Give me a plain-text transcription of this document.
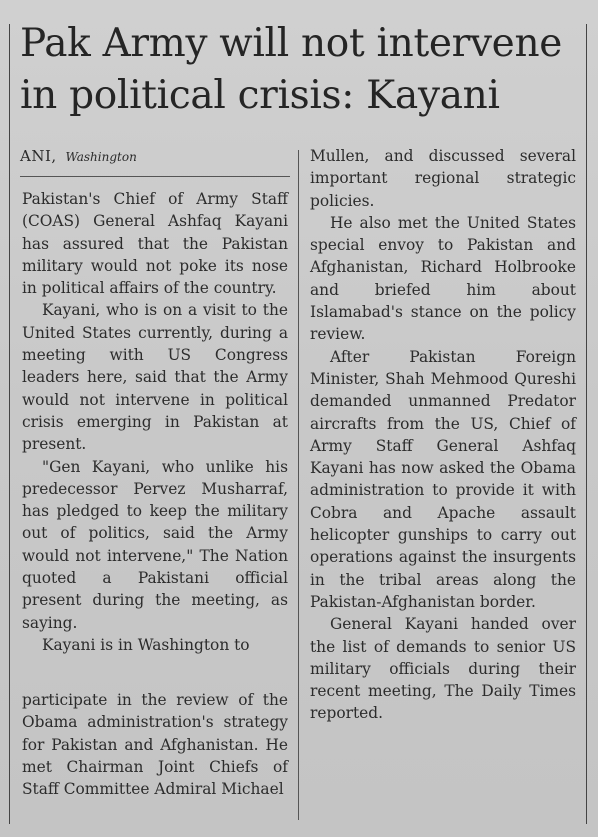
Pak Army will not intervene in political crisis: Kayani
ANI, Washington

Pakistan's Chief of Army Staff (COAS) General Ashfaq Kayani has assured that the Pakistan military would not poke its nose in political affairs of the country.

Kayani, who is on a visit to the United States currently, during a meeting with US Congress leaders here, said that the Army would not intervene in political crisis emerging in Pakistan at present.

"Gen Kayani, who unlike his predecessor Pervez Musharraf, has pledged to keep the military out of politics, said the Army would not intervene," The Nation quoted a Pakistani official present during the meeting, as saying.

Kayani is in Washington to

participate in the review of the Obama administration's strategy for Pakistan and Afghanistan. He met Chairman Joint Chiefs of Staff Committee Admiral Michael

Mullen, and discussed several important regional strategic policies.

He also met the United States special envoy to Pakistan and Afghanistan, Richard Holbrooke and briefed him about Islamabad's stance on the policy review.

After Pakistan Foreign Minister, Shah Mehmood Qureshi demanded unmanned Predator aircrafts from the US, Chief of Army Staff General Ashfaq Kayani has now asked the Obama administration to provide it with Cobra and Apache assault helicopter gunships to carry out operations against the insurgents in the tribal areas along the Pakistan-Afghanistan border.

General Kayani handed over the list of demands to senior US military officials during their recent meeting, The Daily Times reported.
